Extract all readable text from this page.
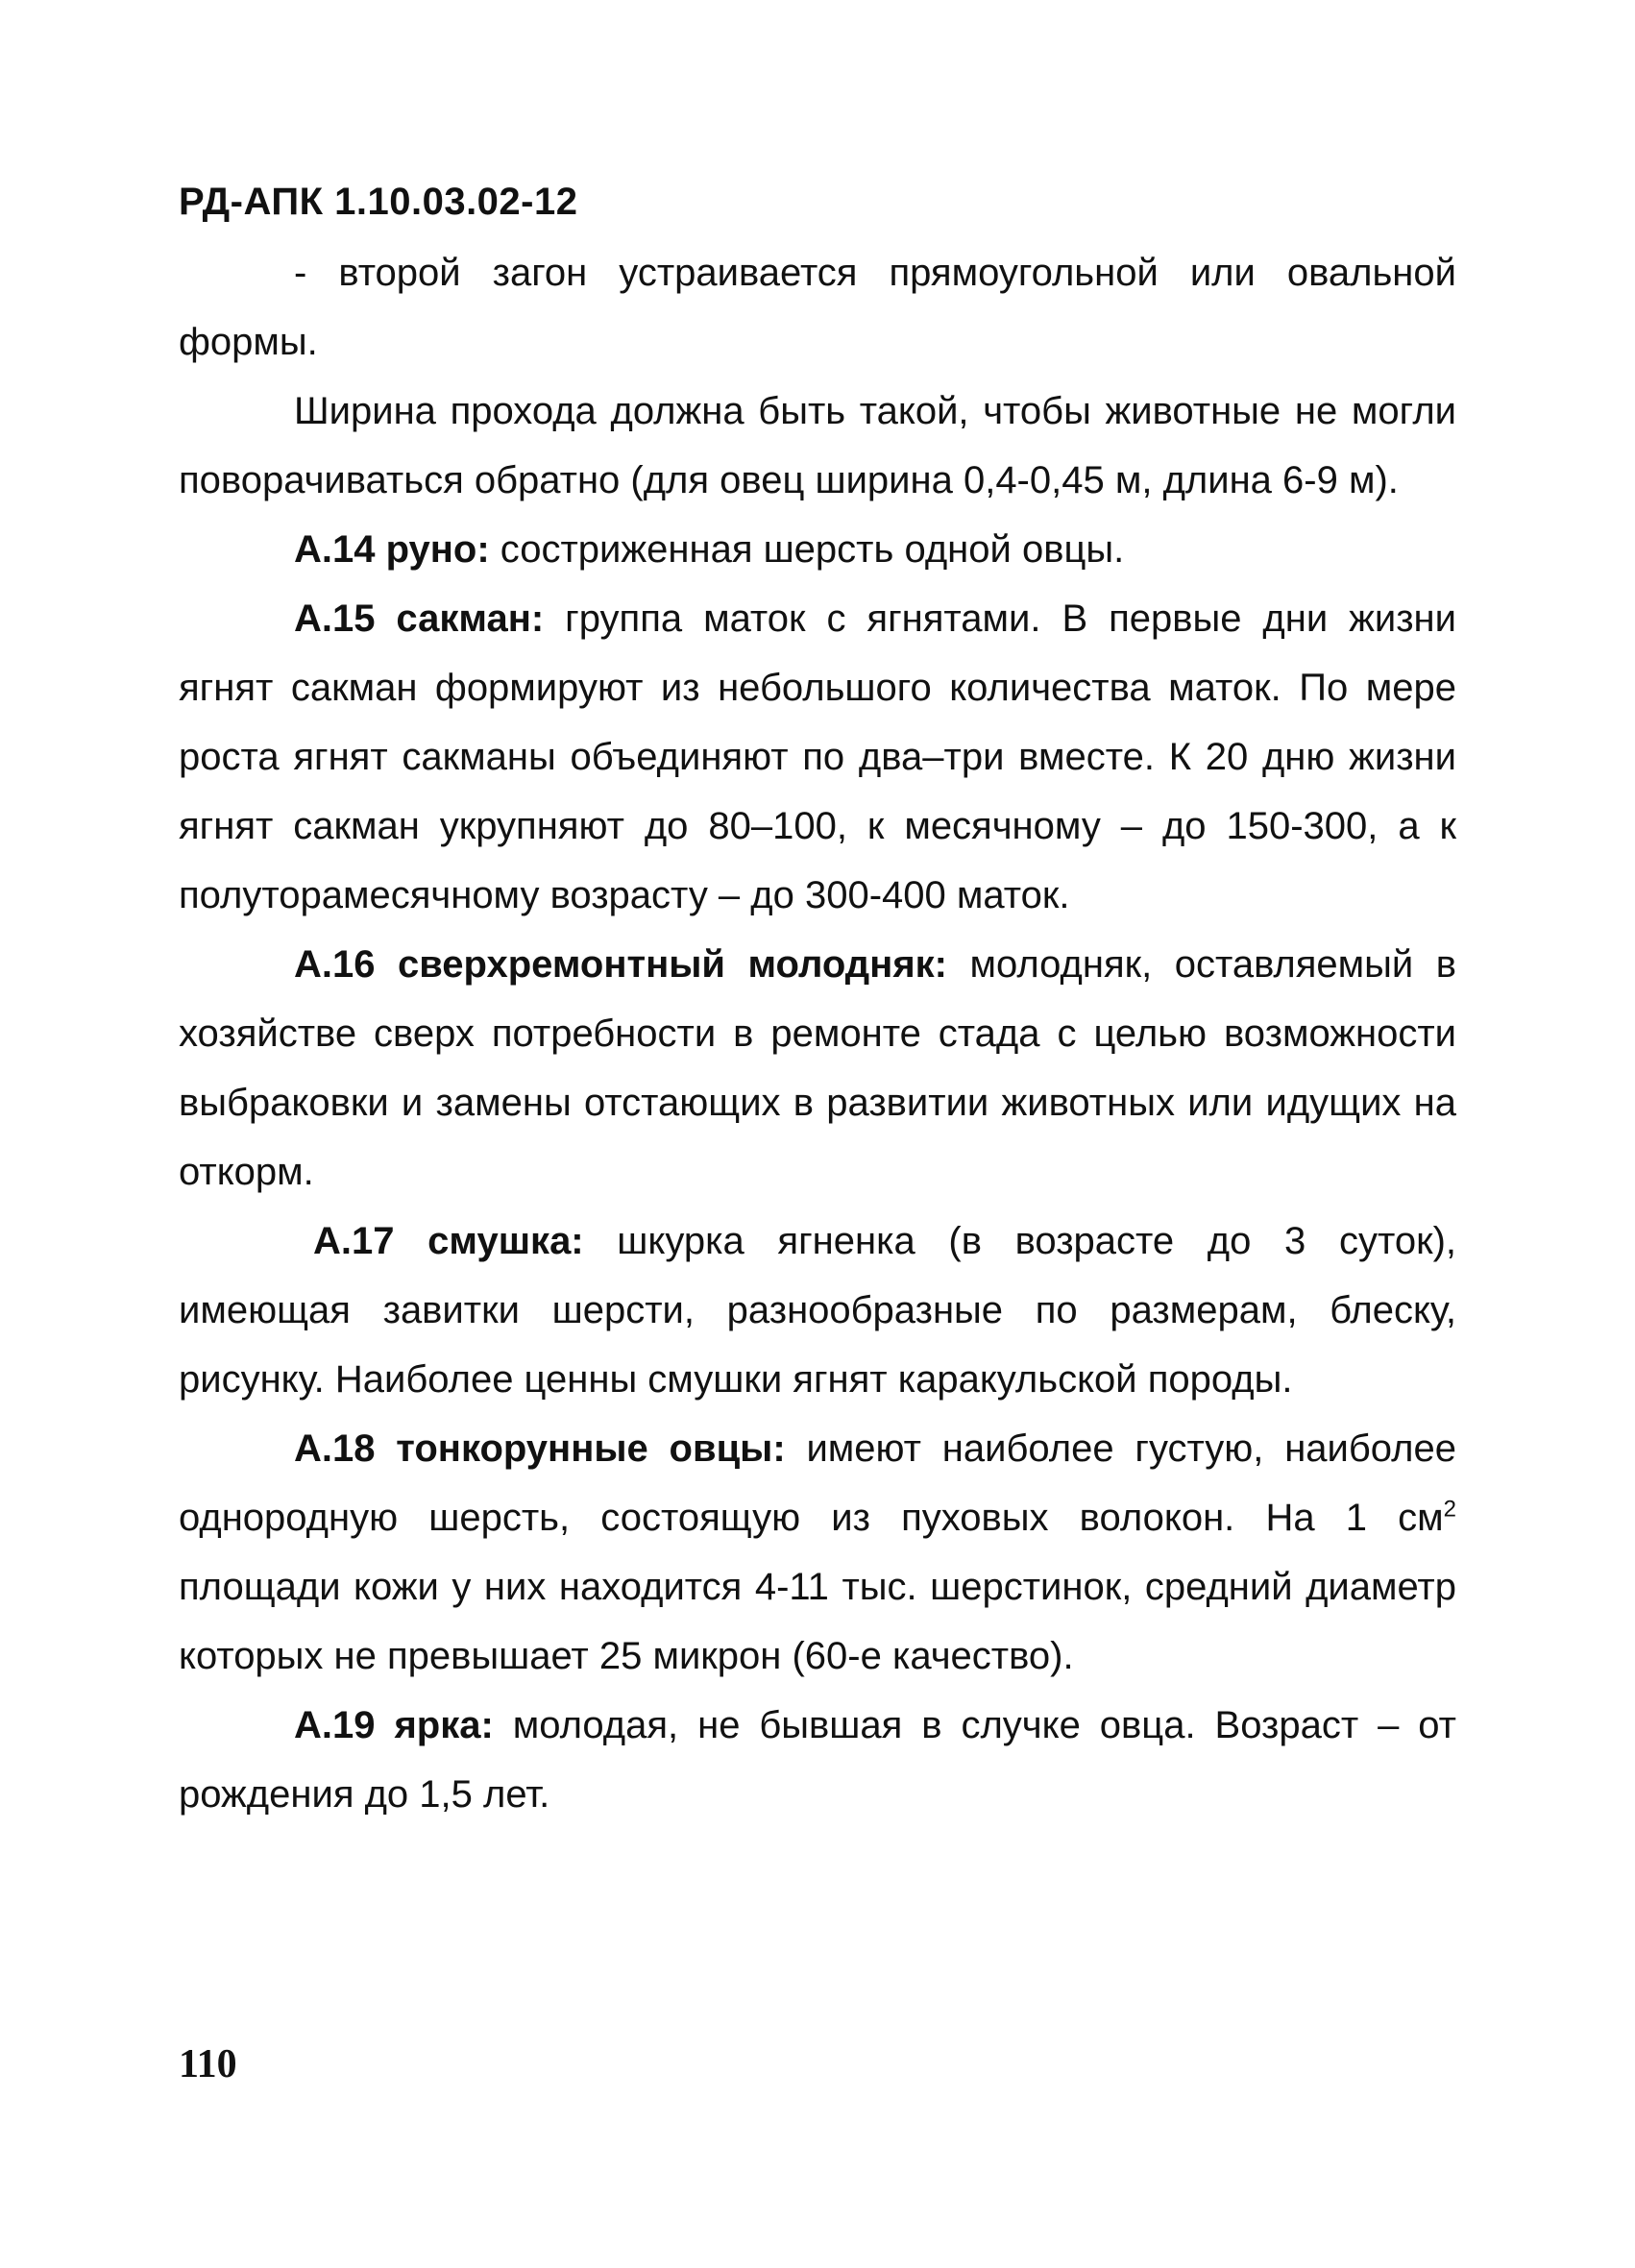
РД-АПК 1.10.03.02-12

- второй загон устраивается прямоугольной или овальной формы.

Ширина прохода должна быть такой, чтобы животные не могли поворачиваться обратно (для овец ширина 0,4-0,45 м, длина 6-9 м).

А.14 руно: состриженная шерсть одной овцы.

А.15 сакман: группа маток с ягнятами. В первые дни жизни ягнят сакман формируют из небольшого количества маток. По мере роста ягнят сакманы объединяют по два–три вместе. К 20 дню жизни ягнят сакман укрупняют до 80–100, к месячному – до 150-300, а к полуторамесячному возрасту – до 300-400 маток.

А.16 сверхремонтный молодняк: молодняк, оставляемый в хозяйстве сверх потребности в ремонте стада с целью возможности выбраковки и замены отстающих в развитии животных или идущих на откорм.

А.17 смушка: шкурка ягненка (в возрасте до 3 суток), имеющая завитки шерсти, разнообразные по размерам, блеску, рисунку. Наиболее ценны смушки ягнят каракульской породы.

А.18 тонкорунные овцы: имеют наиболее густую, наиболее однородную шерсть, состоящую из пуховых волокон. На 1 $см^2$ площади кожи у них находится 4-11 тыс. шерстинок, средний диаметр которых не превышает 25 микрон (60-е качество).

А.19 ярка: молодая, не бывшая в случке овца. Возраст – от рождения до 1,5 лет.

110
